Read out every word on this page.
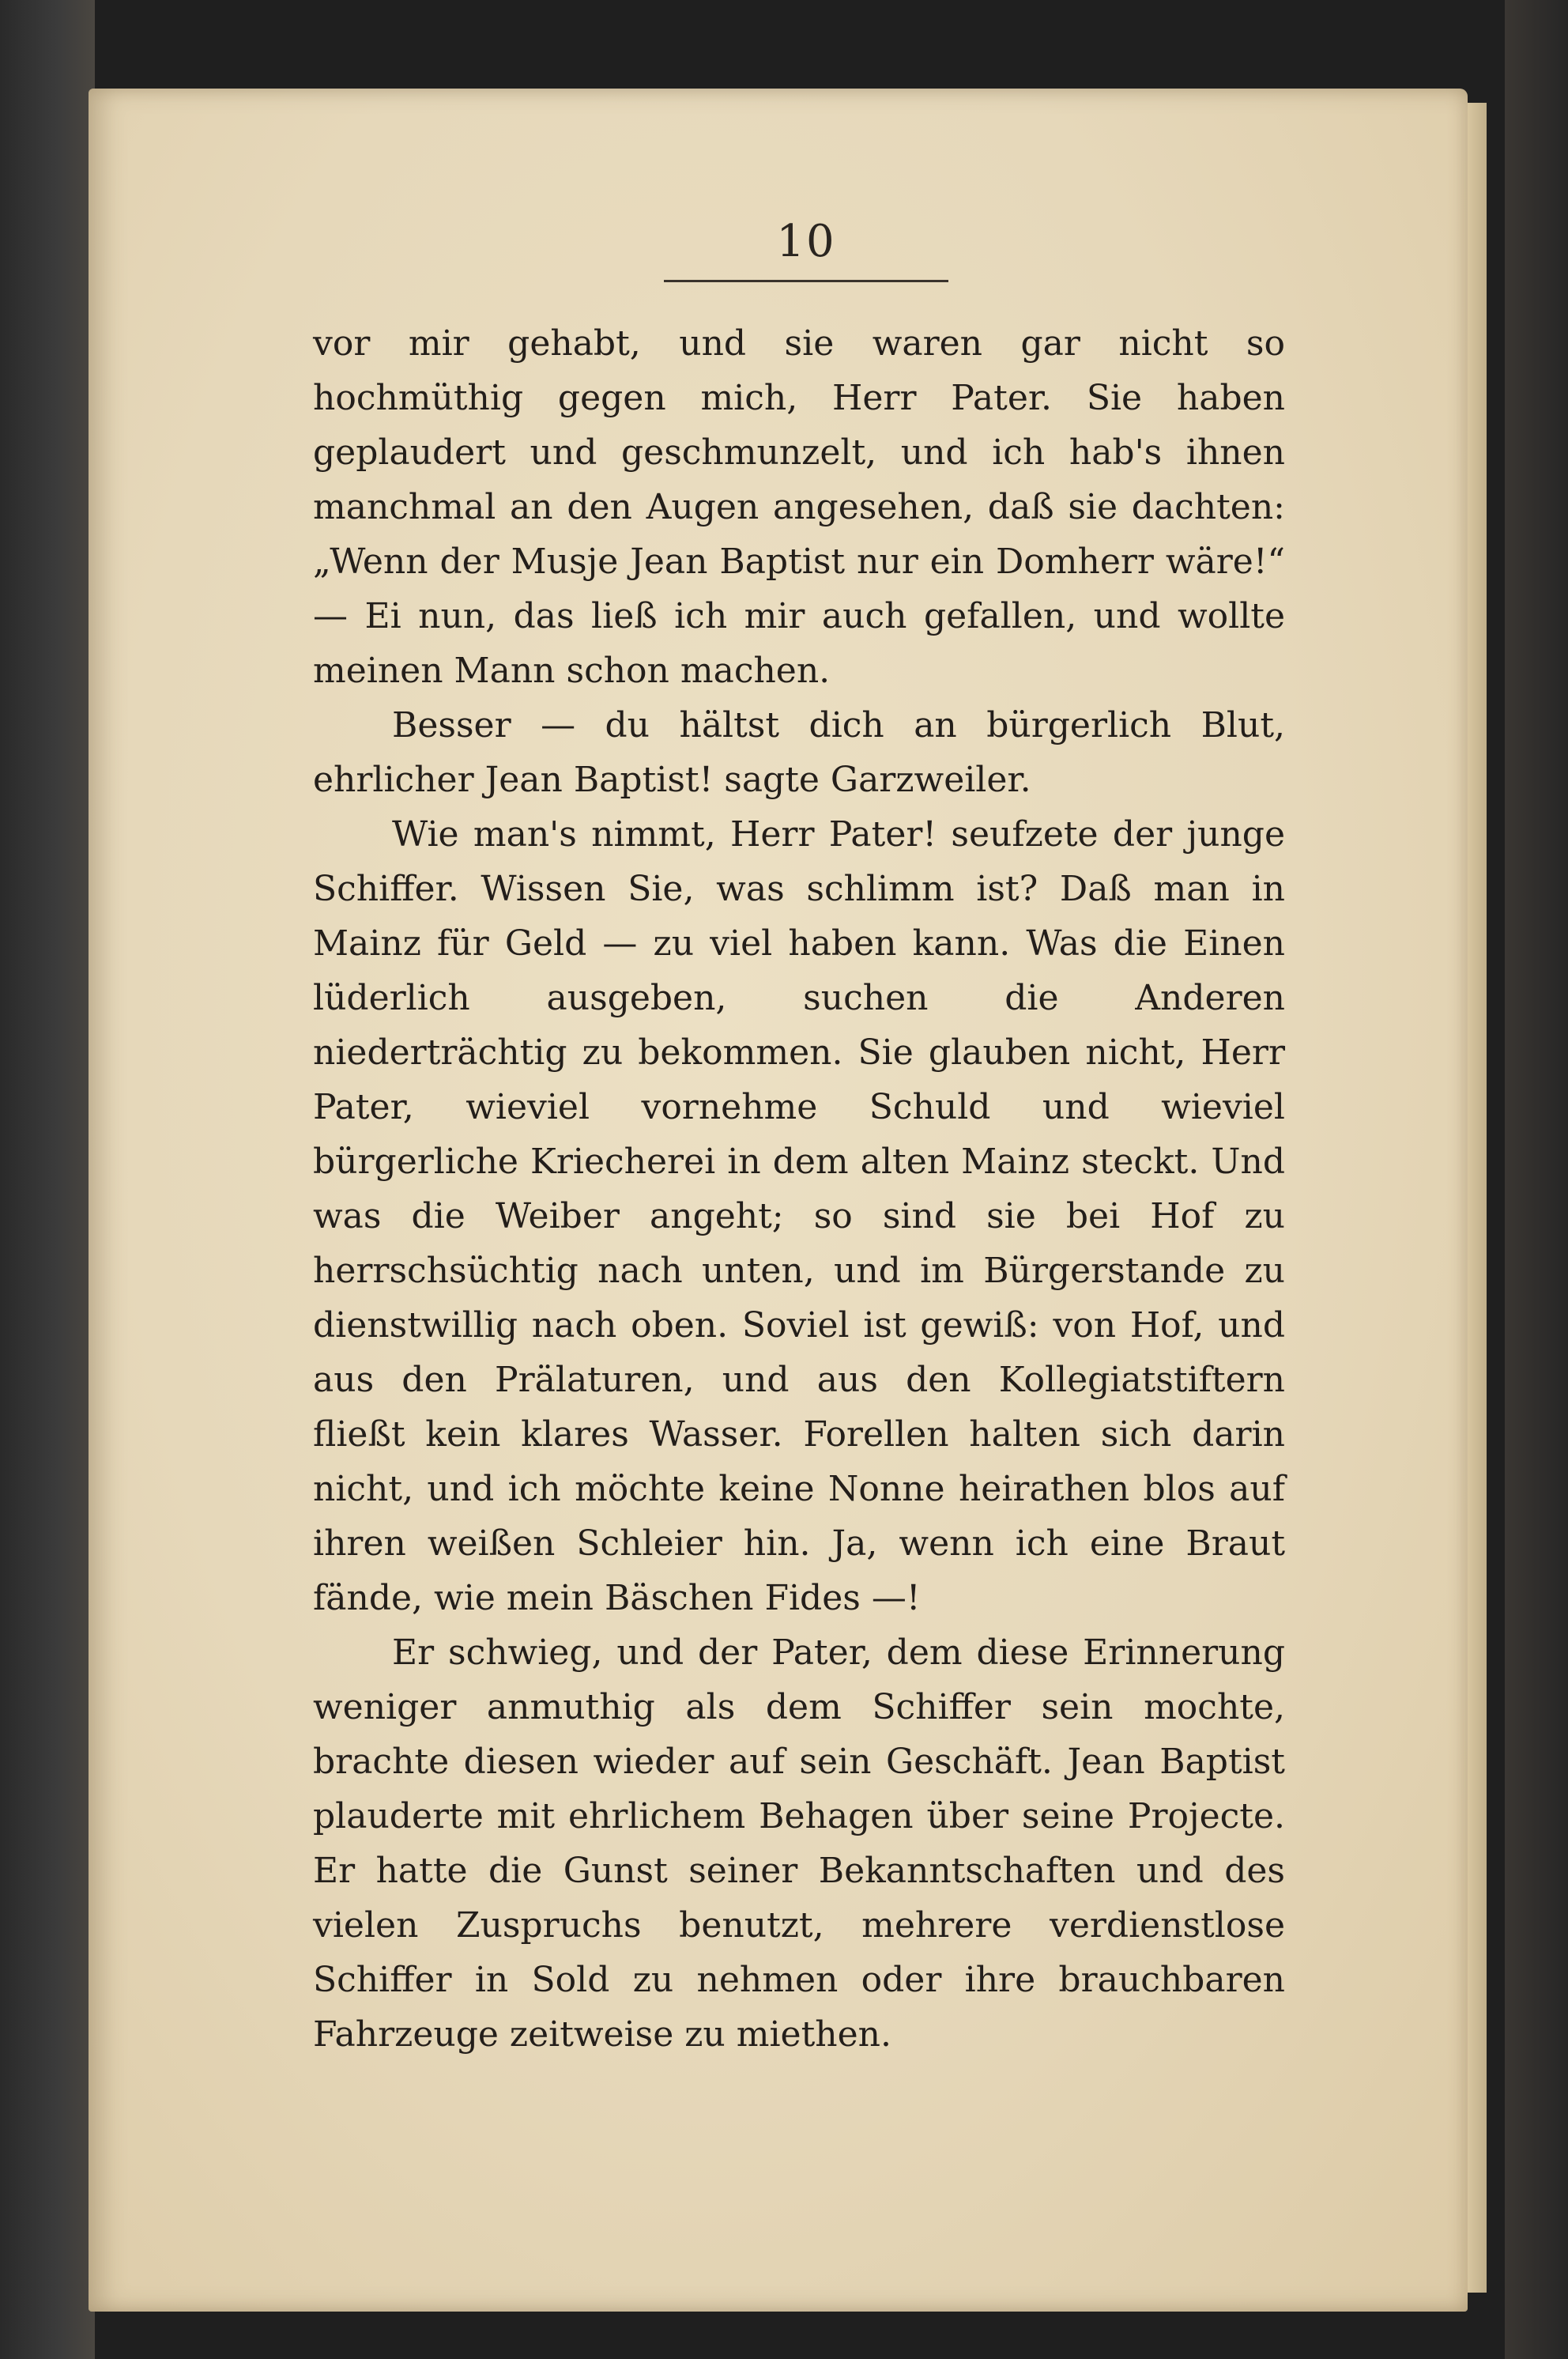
10

vor mir gehabt, und sie waren gar nicht so hochmüthig gegen mich, Herr Pater. Sie haben geplaudert und geschmunzelt, und ich hab's ihnen manchmal an den Augen angesehen, daß sie dachten: „Wenn der Musje Jean Baptist nur ein Domherr wäre!“ — Ei nun, das ließ ich mir auch gefallen, und wollte meinen Mann schon machen.

Besser — du hältst dich an bürgerlich Blut, ehrlicher Jean Baptist! sagte Garzweiler.

Wie man's nimmt, Herr Pater! seufzete der junge Schiffer. Wissen Sie, was schlimm ist? Daß man in Mainz für Geld — zu viel haben kann. Was die Einen lüderlich ausgeben, suchen die Anderen niederträchtig zu bekommen. Sie glauben nicht, Herr Pater, wieviel vornehme Schuld und wieviel bürgerliche Kriecherei in dem alten Mainz steckt. Und was die Weiber angeht; so sind sie bei Hof zu herrschsüchtig nach unten, und im Bürgerstande zu dienstwillig nach oben. Soviel ist gewiß: von Hof, und aus den Prälaturen, und aus den Kollegiatstiftern fließt kein klares Wasser. Forellen halten sich darin nicht, und ich möchte keine Nonne heirathen blos auf ihren weißen Schleier hin. Ja, wenn ich eine Braut fände, wie mein Bäschen Fides —!

Er schwieg, und der Pater, dem diese Erinnerung weniger anmuthig als dem Schiffer sein mochte, brachte diesen wieder auf sein Geschäft. Jean Baptist plauderte mit ehrlichem Behagen über seine Projecte. Er hatte die Gunst seiner Bekanntschaften und des vielen Zuspruchs benutzt, mehrere verdienstlose Schiffer in Sold zu nehmen oder ihre brauchbaren Fahrzeuge zeitweise zu miethen.
